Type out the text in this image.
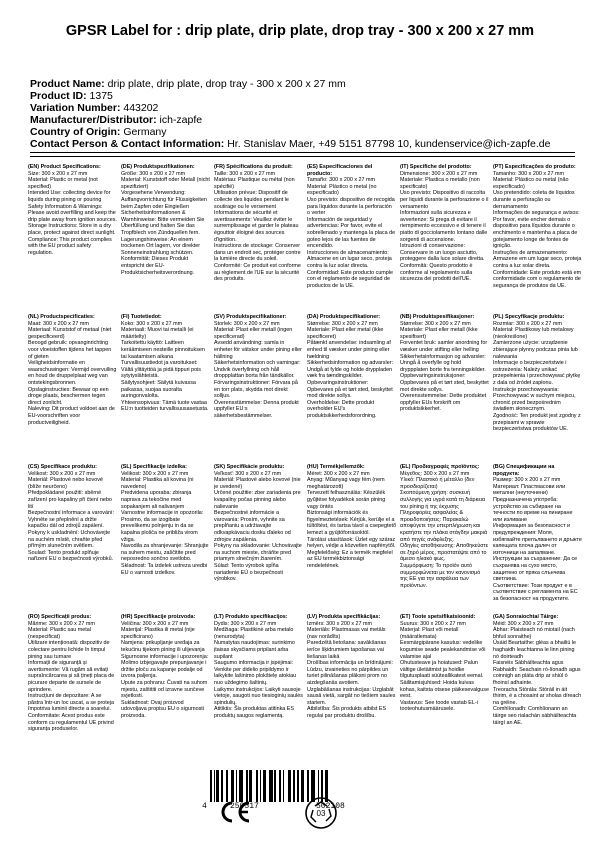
GPSR Label for : drip plate, drip plate, drop tray - 300 x 200 x 27 mm
Product Name: drip plate, drip plate, drop tray - 300 x 200 x 27 mm
Product ID: 1375
Variation Number: 443202
Manufacturer/Distributor: ich-zapfe
Country of Origin: Germany
Contact Person & Contact Information: Hr. Stanislav Maer, +49 5151 87798 10, kundenservice@ich-zapfe.de
(EN) Product Specifications:
Size: 300 x 200 x 27 mm
Material: Plastic or metal (not specified)
Intended Use: collecting device for liquids during pining or pouring
Safety Information & Warnings: Please avoid overfilling and keep the drip plate away from ignition sources.
Storage Instructions: Store in a dry place, protect against direct sunlight.
Compliance: This product complies with the EU product safety regulation.
(DE) Produktspezifikationen:
Größe: 300 x 200 x 27 mm
Material: Kunststoff oder Metall (nicht spezifiziert)
Vorgesehene Verwendung: Auffangvorrichtung für Flüssigkeiten beim Zapfen oder Eingießen
Sicherheitsinformationen & Warnhinweise: Bitte vermeiden Sie Überfüllung und halten Sie das Tropfblech von Zündquellen fern.
Lagerungshinweise: An einem trockenen Ort lagern, vor direkter Sonneneinstrahlung schützen.
Konformität: Dieses Produkt entspricht der EU-Produktsicherheitsverordnung.
(FR) Spécifications du produit:
Taille: 300 x 200 x 27 mm
Matériau: Plastique ou métal (non spécifié)
Utilisation prévue: Dispositif de collecte des liquides pendant le soutirage ou le versement
Informations de sécurité et avertissements: Veuillez éviter le surremplissage et garder le plateau égouttoir éloigné des sources d'ignition.
Instructions de stockage: Conserver dans un endroit sec, protéger contre la lumière directe du soleil.
Conformité: Ce produit est conforme au règlement de l'UE sur la sécurité des produits.
(ES) Especificaciones del producto:
Tamaño: 300 x 200 x 27 mm
Material: Plástico o metal (no especificado)
Uso previsto: dispositivo de recogida para líquidos durante la perforación o verter
Información de seguridad y advertencias: Por favor, evite el sobrellenado y mantenga la placa de goteo lejos de las fuentes de encendido.
Instrucciones de almacenamiento: Almacene en un lugar seco, proteja contra la luz solar directa.
Conformidad: Este producto cumple con el reglamento de seguridad de productos de la UE.
(IT) Specifiche del prodotto:
Dimensione: 300 x 200 x 27 mm
Materiale: Plastica o metallo (non specificato)
Uso previsto: Dispositivo di raccolta per liquidi durante la perforazione o il versamento
Informazioni sulla sicurezza e avvertenze: Si prega di evitare il riempimento eccessivo e di tenere il piatto di gocciolamento lontano dalle sorgenti di accensione.
Istruzioni di conservazione: Conservare in un luogo asciutto, proteggere dalla luce solare diretta.
Conformità: Questo prodotto è conforme al regolamento sulla sicurezza dei prodotti dell'UE.
(PT) Especificações do produto:
Tamanho: 300 x 200 x 27 mm
Material: Plástico ou metal (não especificado)
Uso pretendido: coleta de líquidos durante a perfuração ou derramamento
Informações de segurança e avisos: Por favor, evite encher demais o dispositivo para líquidos durante o enchimento e mantenha a placa de gotejamento longe de fontes de ignição.
Instruções de armazenamento: Armazene em um lugar seco, proteja contra a luz solar direta.
Conformidade: Este produto está em conformidade com o regulamento de segurança de produtos da UE.
(NL) Productspecificaties:
Maat: 300 x 200 x 27 mm
Materiaal: Kunststof of metaal (niet gespecificeerd)
Beoogd gebruik: opvanginrichting voor vloeistoffen tijdens het tappen of gieten
Veiligheidsinformatie en waarschuwingen: Vermijd overvulling en houd de druppelplaat weg van ontstekingsbronnen.
Opslaginstructies: Bewaar op een droge plaats, beschermen tegen direct zonlicht.
Naleving: Dit product voldoet aan de EU-voorschriften voor productveiligheid.
(FI) Tuotetiedot:
Koko: 300 x 200 x 27 mm
Materiaali: Muovi tai metalli (ei määritelty)
Tarkoitettu käyttö: Laitteen keräämiseen nesteille pinnoituksen tai kaatamisen aikana
Turvallisuustiedot ja varoitukset: Vältä ylitäyttöä ja pidä tippuri pois sytytyslähteistä.
Säilytysohjeet: Säilytä kuivassa paikassa, suojaa suoralta auringonvalolta.
Yhteensopivuus: Tämä tuote vastaa EU:n tuotteiden turvallisuusasetusta.
(SV) Produktspecifikationer:
Storlek: 300 x 200 x 27 mm
Material: Plast eller metall (ingen specificerad)
Avsedd användning: samla in enheter för vätskor under pining eller hällning
Säkerhetsinformation och varningar: Undvik överfyllning och håll droppplattan borta från tändkällor.
Förvaringsinstruktioner: Förvara på en torr plats, skydda mot direkt solljus.
Överensstämmelse: Denna produkt uppfyller EU:s säkerhetsbestämmelser.
(DA) Produktspecifikationer:
Størrelse: 300 x 200 x 27 mm
Materiale: Plast eller metal (ikke specificeret)
Påtænkt anvendelse: indsamling af enhed til væsker under pining eller hældning
Sikkerhedsinformation og advarsler: Undgå at fylde og holde dryppladen væk fra tændingskilder.
Opbevaringsinstruktioner: Opbevares på et tørt sted, beskyttet mod direkte sollys.
Overholdelse: Dette produkt overholder EU's produktsikkerhedsforordning.
(NB) Produktspesifikasjoner:
Størrelse: 300 x 200 x 27 mm
Materiale: Plast eller metall (ikke spesifisert)
Forventet bruk: samler anordning for væsker under stifting eller helling
Sikkerhetsinformasjon og advarsler: Unngå å overfylle og hold dryppplaten borte fra tenningskilder.
Oppbevaringsinstruksjoner: Oppbevares på et tørt sted, beskyttet mot direkte sollys.
Overensstemmelse: Dette produktet oppfyller EUs forskrift om produktsikkerhet.
(PL) Specyfikacje produktu:
Rozmiar: 300 x 200 x 27 mm
Materiał: Plastikowy lub metalowy (nieokreślone)
Zamierzone użycie: urządzenie zbierające płynny podczas pinia lub nalewania
Informacje o bezpieczeństwie i ostrzeżenia: Należy unikać przepełnienia i przechowywać płytkę z dala od źródeł zapłonu.
Instrukcje przechowywania: Przechowywać w suchym miejscu, chronić przed bezpośrednim światłem słonecznym.
Zgodność: Ten produkt jest zgodny z przepisami w sprawie bezpieczeństwa produktów UE.
(CS) Specifikace produktu:
Velikost: 300 x 200 x 27 mm
Materiál: Plastové nebo kovové (blíže neurčeno)
Předpokládané použití: sběrné zařízení pro kapaliny při čtení nebo lití
Bezpečnostní informace a varování: Vyhněte se přeplnění a držte kapačku dál od zdrojů zapálení.
Pokyny k uskladnění: Uchovávejte na suchém místě, chraňte před přímým slunečním světlem.
Soulad: Tento produkt splňuje nařízení EU o bezpečnosti výrobků.
(SL) Specifikacije izdelka:
Velikost: 300 x 200 x 27 mm
Material: Plastika ali kovina (ni navedeno)
Predvidena uporaba: zbiranja naprava za tekočine med sopakanjem ali nalivanjem
Varnostne informacije in opozorila: Prosimo, da se izogibate prevelikemu polnjenju in da se kapalna plošča ne približa virom vžiga.
Navodila za shranjevanje: Shranjujte na suhem mestu, zaščitite pred neposredno sončno svetlobo.
Skladnost: Ta izdelek ustreza uredbi EU o varnosti izdelkov.
(SK) Špecifikácie produktu:
Veľkosť: 300 x 200 x 27 mm
Materiál: Plastové alebo kovové (nie je uvedené)
Určené použitie: zber zariadenia pre kvapaliny počas pinning alebo nalievanie
Bezpečnostné informácie a varovania: Prosím, vyhnite sa prepĺňaniu a udržiavajte odkvapkávaciu dosku ďaleko od zdrojov zapálenia.
Pokyny na skladovanie: Uchovávajte na suchom mieste, chráňte pred priamym slnečným žiarením.
Súlad: Tento výrobok spĺňa nariadenie EÚ o bezpečnosti výrobkov.
(HU) Termékjellemzők:
Méret: 300 x 200 x 27 mm
Anyag: Műanyag vagy fém (nem meghatározott)
Tervezett felhasználás: Készülék gyűjtése folyadékok során pining vagy öntés
Biztonsági információk és figyelmeztetések: Kérjük, kerülje el a túltöltést, és tartsa távol a csepegtető lemezt a gyújtóforrásoktól.
Tárolási utasítások: Üzlet egy száraz helyen, védje a közvetlen napfénytől.
Megfelelőség: Ez a termék megfelel az EU termékbiztonsági rendeletének.
(EL) Προδιαγραφές προϊόντος:
Μέγεθος: 300 x 200 x 27 mm
Υλικό: Πλαστικό ή μέταλλο (δεν προσδιορίζεται)
Σκοπούμενη χρήση: συσκευή συλλογής για υγρά κατά τη διάρκεια του pining ή της έκχυσης
Πληροφορίες ασφαλείας & προειδοποιήσεις: Παρακαλώ αποφύγετε την υπερπλήρωση και κρατήστε την πλάκα στάγδην μακριά από πηγές ανάφλεξης.
Οδηγίες αποθήκευσης: Αποθηκεύστε σε ξηρό μέρος, προστατέψτε από το άμεσο ηλιακό φως.
Συμμόρφωση: Το προϊόν αυτό συμμορφώνεται με τον κανονισμό της ΕΕ για την ασφάλεια των προϊόντων.
(BG) Спецификации на продукта:
Размер: 300 x 200 x 27 mm
Материал: Пластмасови или метални (неуточнени)
Предназначена употреба: устройство за събиране на течности по време на пиниране или изливане
Информация за безопасност и предупреждения: Моля, избягвайте препълването и дръжте капещата плоча далеч от източници на запалване.
Инструкции за съхранение: Да се съхранява на сухо място, защитено от пряка слънчева светлина.
Съответствие: Този продукт е в съответствие с регламента на ЕС за безопасност на продуктите.
(RO) Specificații produs:
Mărime: 300 x 200 x 27 mm
Material: Plastic sau metal (nespecificat)
Utilizare intenționată: dispozitiv de colectare pentru lichide în timpul pining sau turnare
Informații de siguranță și avertismente: Vă rugăm să evitați supraîncărcarea și să țineți placa de picurare departe de sursele de aprindere.
Instrucțiuni de depozitare: A se păstra într-un loc uscat, a se proteja împotriva luminii directe a soarelui.
Conformitate: Acest produs este conform cu regulamentul UE privind siguranța produselor.
(HR) Specifikacije proizvoda:
Veličina: 300 x 200 x 27 mm
Materijal: Plastika ili metal (nije specificirano)
Namjena: prikupljanje uređaja za tekućinu tijekom pining ili ulijevanja
Sigurnosne informacije i upozorenja: Molimo izbjegavajte prepunjavanje i držite ploču za kapanje podalje od izvora paljenja.
Upute za pohranu: Čuvati na suhom mjestu, zaštititi od izravne sunčeve svjetlosti.
Sukladnost: Ovaj proizvod udovoljava propisu EU o sigurnosti proizvoda.
(LT) Produkto specifikacijos:
Dydis: 300 x 200 x 27 mm
Medžiaga: Plastikinė arba metalo (nenurodyta)
Numatytas naudojimas: surinkimo įtaisas skysčiams pripilant arba supilant
Saugumo informacija ir įspėjimai: Venkite per didelio pripildymo ir laikykite lašinimo plokštelę atokiau nuo uždegimo šaltinių.
Laikymo instrukcijos: Laikyti sausoje vietoje, saugoti nuo tiesioginių saulės spindulių.
Atitiktis: Šis produktas atitinka ES produktų saugos reglamentą.
(LV) Produkta specifikācijas:
Izmērs: 300 x 200 x 27 mm
Materiāls: Plastmasas vai metāls (nav norādīts)
Paredzētā lietošana: savākšanas ierīce šķidrumiem tapošanas vai liešanas laikā
Drošības informācija un brīdinājumi: Lūdzu, izvairieties no pārpildes un turiet pilināšanas plāksni prom no aizdegšanās avotiem.
Uzglabāšanas instrukcijas: Uzglabāt sausā vietā, sargāt no tiešiem saules stariem.
Atbilstība: Šis produkts atbilst ES regulai par produktu drošību.
(ET) Toote spetsifikatsioonid:
Suurus: 300 x 200 x 27 mm
Materjal: Plast või metall (määratlemata)
Eesmärgipärane kasutus: vedelike kogumise seade pealekandmise või valamise ajal
Ohutusteave ja hoiatused: Palun vältige ületäitmist ja hoidke tilgutusplaati süüteallikatest eemal.
Säilitamisjuhised: Hoida kuivas kohas, kaitsta otsese päikesevalguse eest.
Vastavus: See toode vastab EL-i tooteohutusmäärusele.
(GA) Sonraíochtaí Táirge:
Méid: 300 x 200 x 27 mm
Ábhar: Plaisteach nó miotail (nach bhfuil sonraithe)
Úsáid Beartaithe: gléas a bhailiú le haghaidh leachtanna le linn pining nó doirteadh
Faisnéis Sábháilteachta agus Rabhaidh: Seachain ró-líonadh agus coinnigh an pláta drip ar shiúl ó fhoinsí adhainte.
Treoracha Stórála: Stóráil in áit thirim, é a chosaint ar sholas díreach na gréine.
Comhlíonadh: Comhlíonann an táirge seo rialachán sábháilteachta táirgí an AE.
4	250517	502108
03
